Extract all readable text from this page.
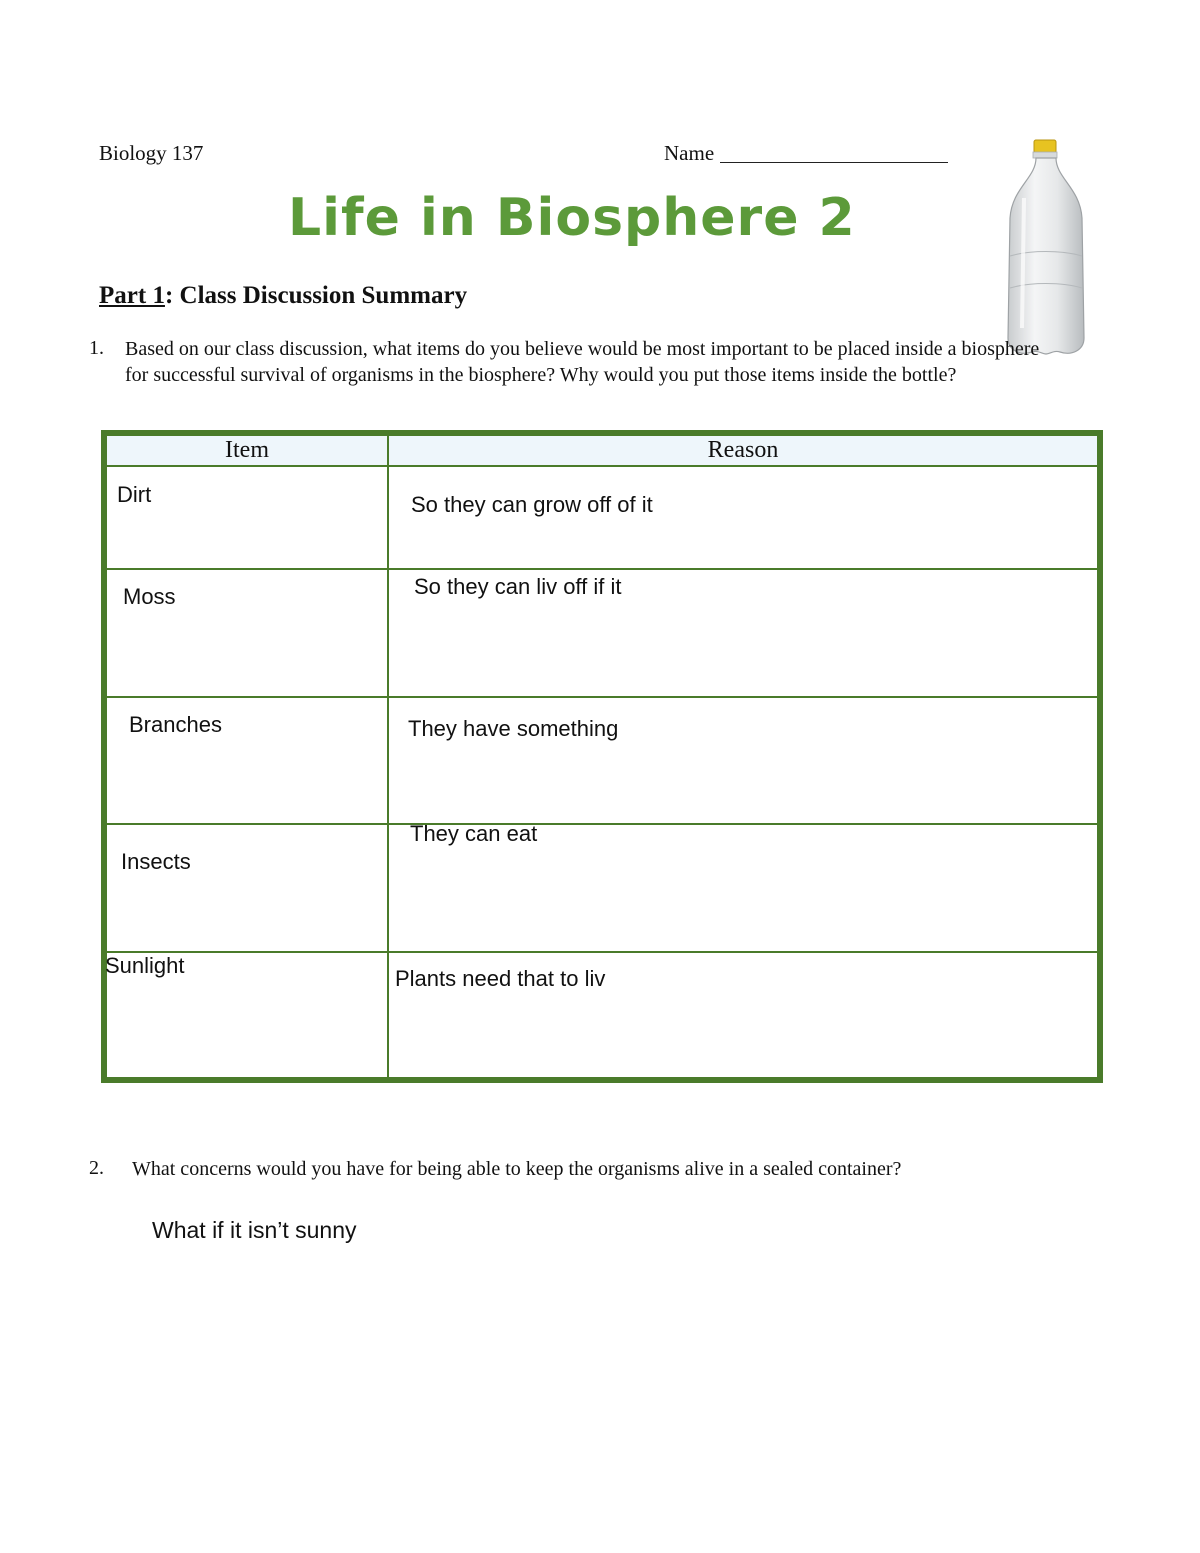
Biology 137	Name
Life in Biosphere 2
Part 1: Class Discussion Summary
1. Based on our class discussion, what items do you believe would be most important to be placed inside a biosphere for successful survival of organisms in the biosphere? Why would you put those items inside the bottle?
Item	Reason

Dirt	So they can grow off of it

Moss	So they can liv off if it

Branches	They have something

Insects	They can eat

Sunlight	Plants need that to liv
2. What concerns would you have for being able to keep the organisms alive in a sealed container?
What if it isn’t sunny
